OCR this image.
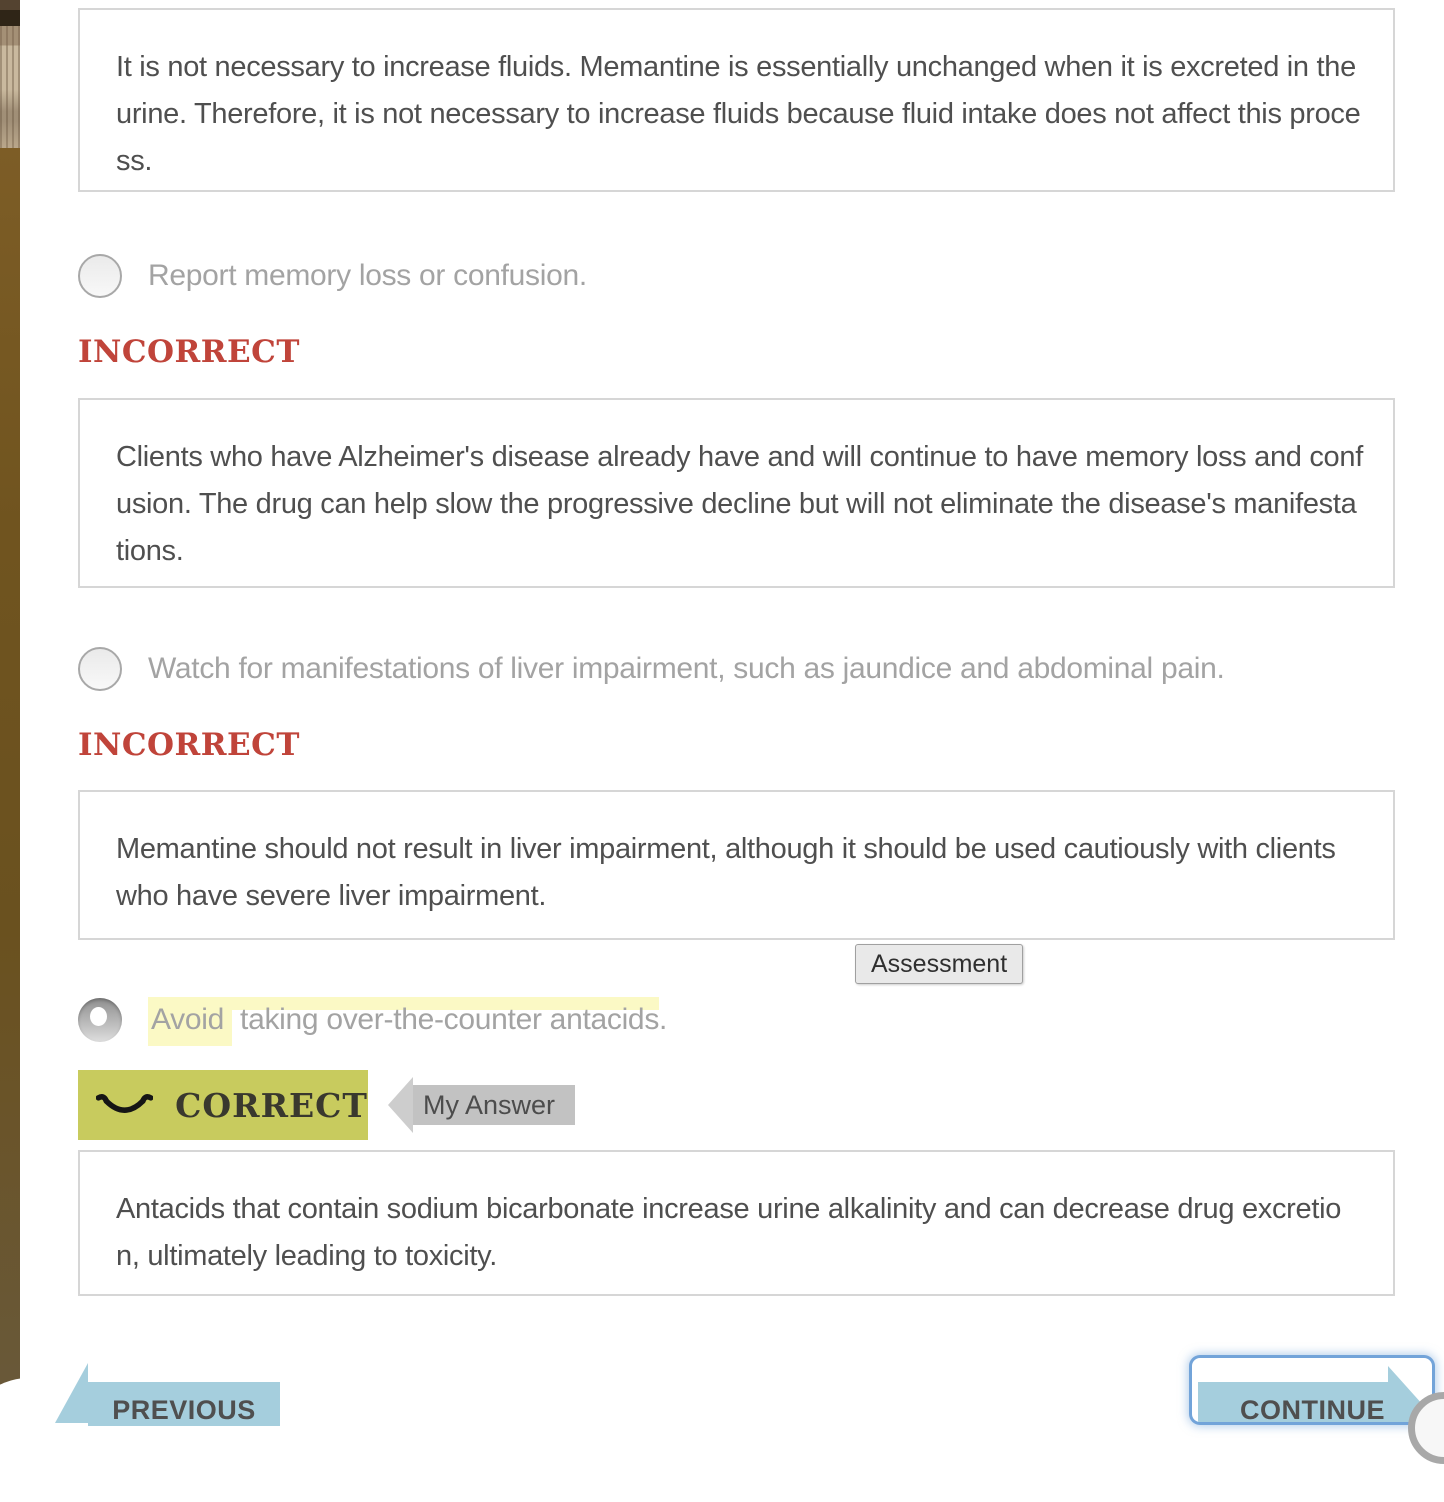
It is not necessary to increase fluids. Memantine is essentially unchanged when it is excreted in the urine. Therefore, it is not necessary to increase fluids because fluid intake does not affect this process.
Report memory loss or confusion.
INCORRECT
Clients who have Alzheimer's disease already have and will continue to have memory loss and confusion. The drug can help slow the progressive decline but will not eliminate the disease's manifestations.
Watch for manifestations of liver impairment, such as jaundice and abdominal pain.
INCORRECT
Memantine should not result in liver impairment, although it should be used cautiously with clients who have severe liver impairment.
Assessment
Avoid taking over-the-counter antacids.
CORRECT	My Answer
Antacids that contain sodium bicarbonate increase urine alkalinity and can decrease drug excretion, ultimately leading to toxicity.
PREVIOUS	CONTINUE
